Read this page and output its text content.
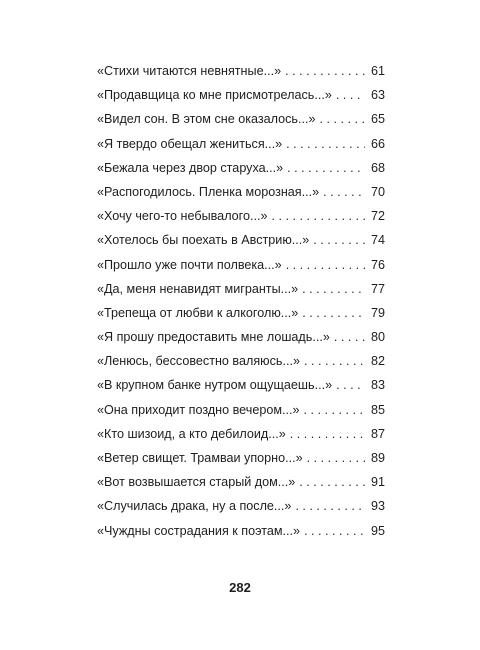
«Стихи читаются невнятные...» . . .	61
«Продавщица ко мне присмотрелась...» . . .	63
«Видел сон. В этом сне оказалось...» . . .	65
«Я твердо обещал жениться...» . . .	66
«Бежала через двор старуха...» . . .	68
«Распогодилось. Пленка морозная...» . . .	70
«Хочу чего-то небывалого...» . . .	72
«Хотелось бы поехать в Австрию...» . . .	74
«Прошло уже почти полвека...» . . .	76
«Да, меня ненавидят мигранты...» . . .	77
«Трепеща от любви к алкоголю...» . . .	79
«Я прошу предоставить мне лошадь...» . . .	80
«Ленюсь, бессовестно валяюсь...» . . .	82
«В крупном банке нутром ощущаешь...» . . .	83
«Она приходит поздно вечером...» . . .	85
«Кто шизоид, а кто дебилоид...» . . .	87
«Ветер свищет. Трамваи упорно...» . . .	89
«Вот возвышается старый дом...» . . .	91
«Случилась драка, ну а после...» . . .	93
«Чуждны сострадания к поэтам...» . . .	95
282
